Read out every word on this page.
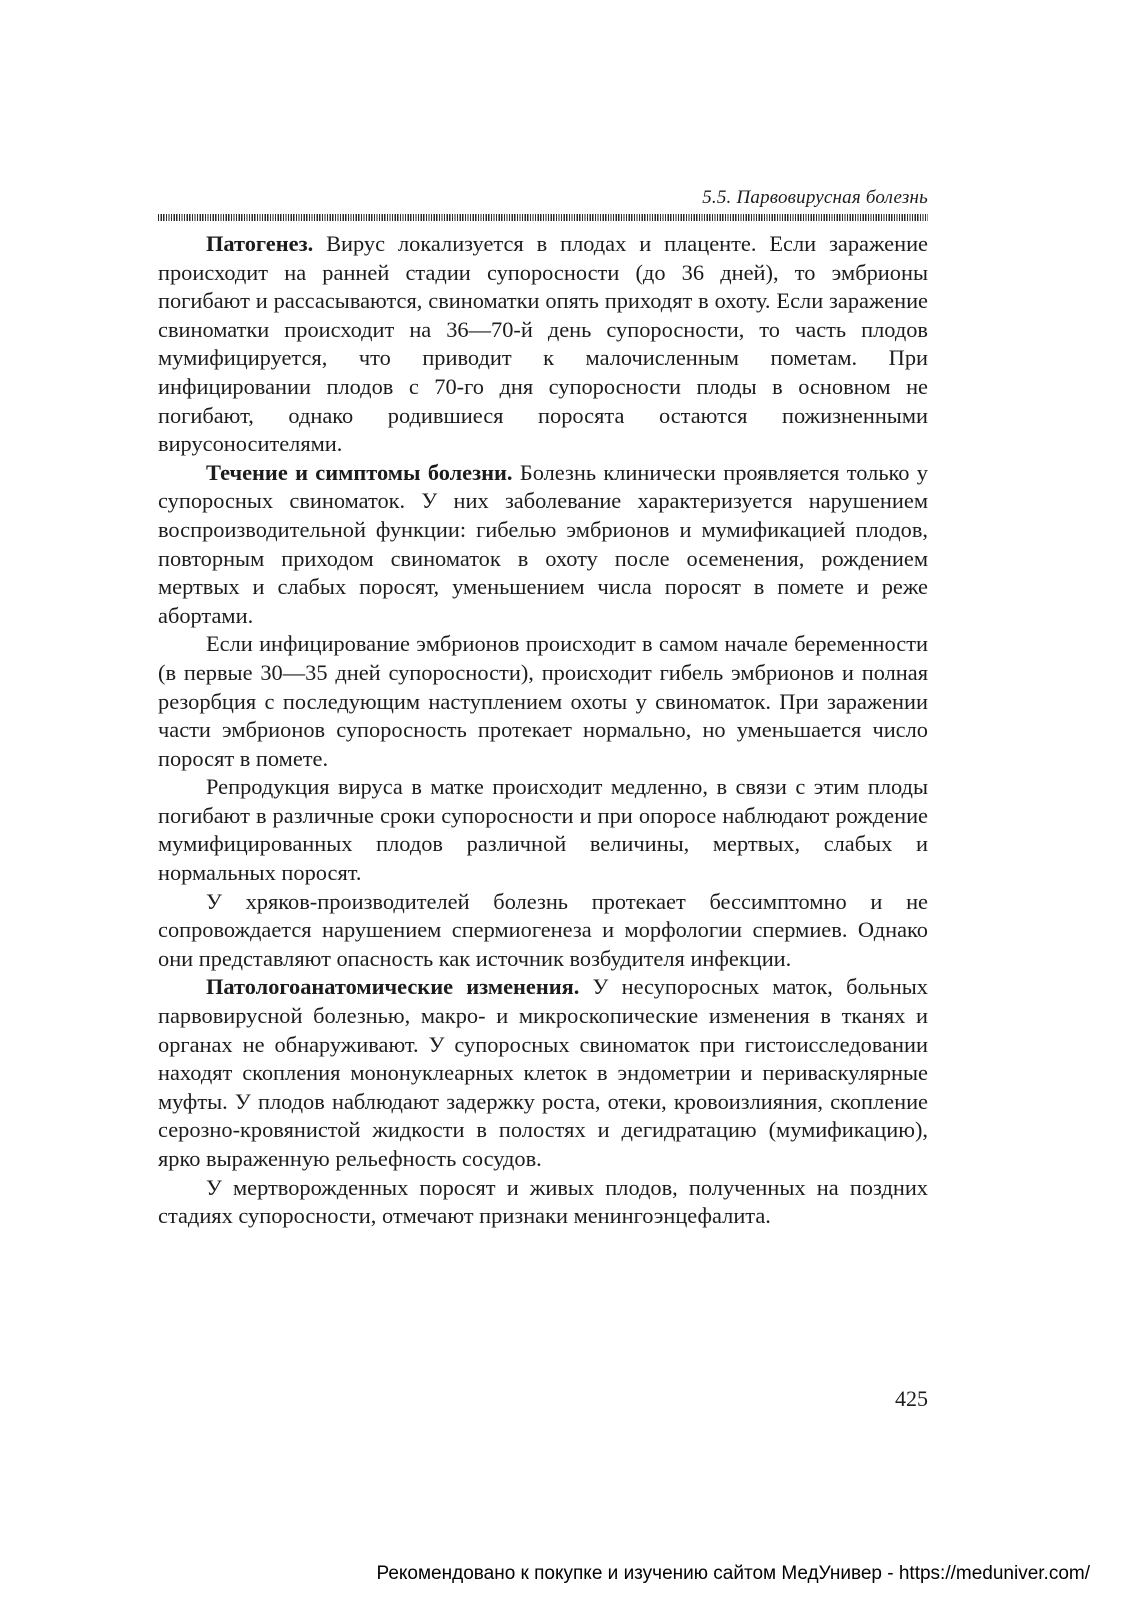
5.5. Парвовирусная болезнь

Патогенез. Вирус локализуется в плодах и плаценте. Если заражение происходит на ранней стадии супоросности (до 36 дней), то эмбрионы погибают и рассасываются, свиноматки опять приходят в охоту. Если заражение свиноматки происходит на 36—70-й день супоросности, то часть плодов мумифицируется, что приводит к малочисленным пометам. При инфицировании плодов с 70-го дня супоросности плоды в основном не погибают, однако родившиеся поросята остаются пожизненными вирусоносителями.

Течение и симптомы болезни. Болезнь клинически проявляется только у супоросных свиноматок. У них заболевание характеризуется нарушением воспроизводительной функции: гибелью эмбрионов и мумификацией плодов, повторным приходом свиноматок в охоту после осеменения, рождением мертвых и слабых поросят, уменьшением числа поросят в помете и реже абортами.

Если инфицирование эмбрионов происходит в самом начале беременности (в первые 30—35 дней супоросности), происходит гибель эмбрионов и полная резорбция с последующим наступлением охоты у свиноматок. При заражении части эмбрионов супоросность протекает нормально, но уменьшается число поросят в помете.

Репродукция вируса в матке происходит медленно, в связи с этим плоды погибают в различные сроки супоросности и при опоросе наблюдают рождение мумифицированных плодов различной величины, мертвых, слабых и нормальных поросят.

У хряков-производителей болезнь протекает бессимптомно и не сопровождается нарушением спермиогенеза и морфологии спермиев. Однако они представляют опасность как источник возбудителя инфекции.

Патологоанатомические изменения. У несупоросных маток, больных парвовирусной болезнью, макро- и микроскопические изменения в тканях и органах не обнаруживают. У супоросных свиноматок при гистоисследовании находят скопления мононуклеарных клеток в эндометрии и периваскулярные муфты. У плодов наблюдают задержку роста, отеки, кровоизлияния, скопление серозно-кровянистой жидкости в полостях и дегидратацию (мумификацию), ярко выраженную рельефность сосудов.

У мертворожденных поросят и живых плодов, полученных на поздних стадиях супоросности, отмечают признаки менингоэнцефалита.

425
Рекомендовано к покупке и изучению сайтом МедУнивер - https://meduniver.com/
